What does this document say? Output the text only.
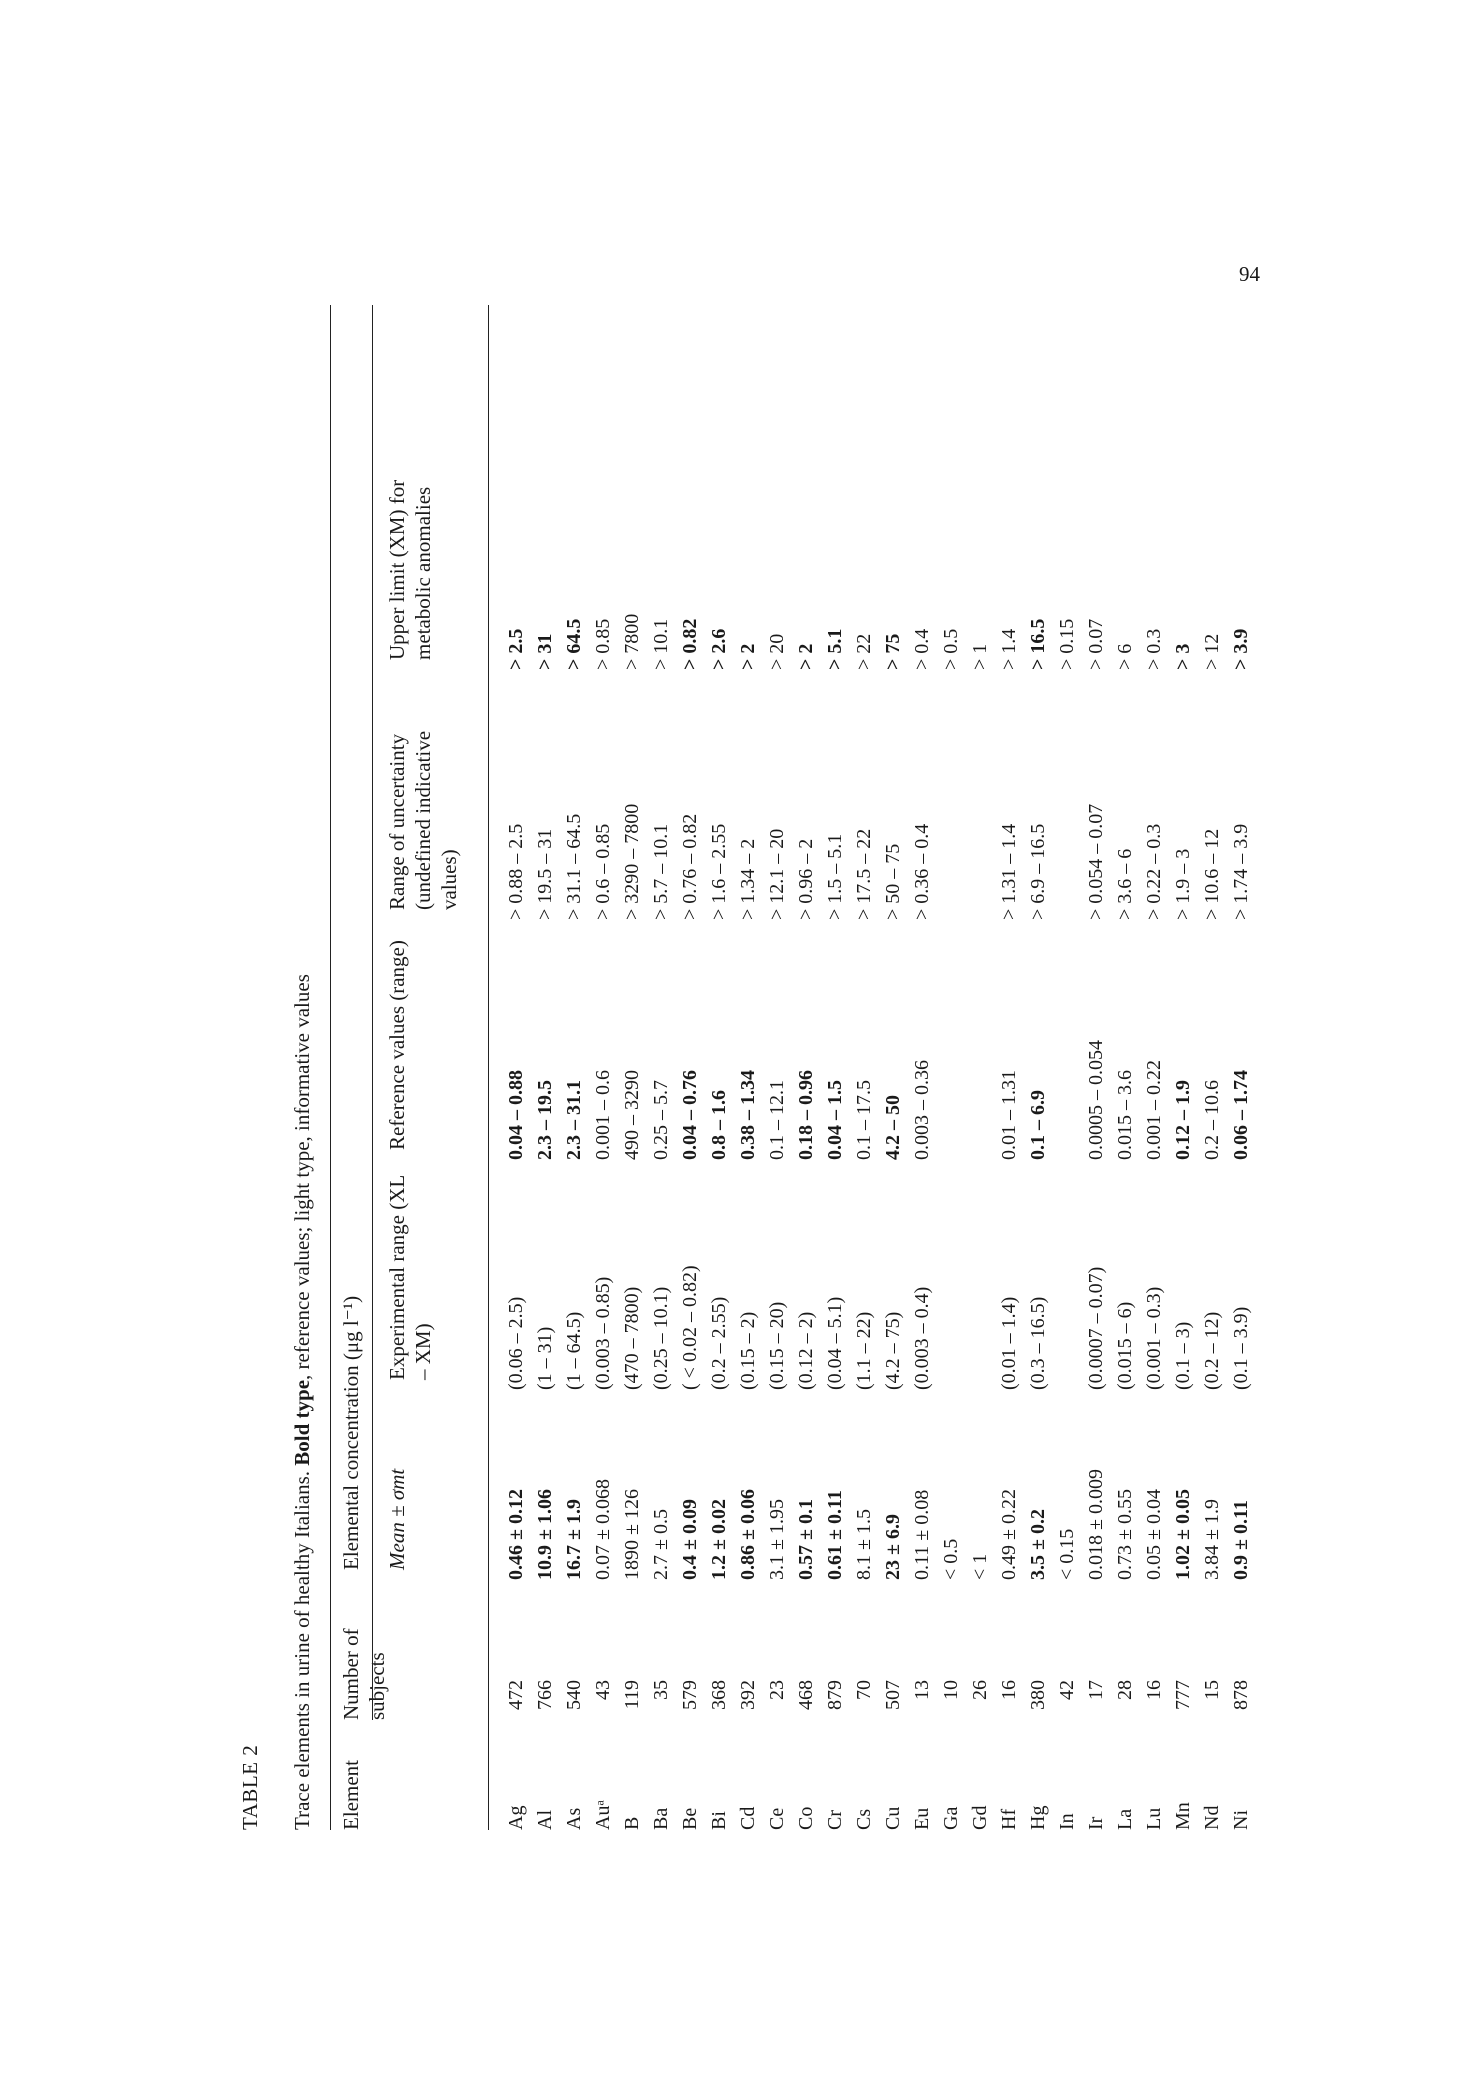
94
TABLE 2 Trace elements in urine of healthy Italians. Bold type, reference values; light type, informative values
Element
Number of subjects
Elemental concentration (μg l⁻¹) Mean ± σmt
Experimental range (XL – XM)
Reference values (range)
Range of uncertainty (undefined indicative values)
Upper limit (XM) for metabolic anomalies
Ag	472		0.46 ± 0.12	(0.06 – 2.5)	0.04 – 0.88	> 0.88 – 2.5	> 2.5
Al	766		10.9 ± 1.06	(1 – 31)	2.3 – 19.5	> 19.5 – 31	> 31
As	540		16.7 ± 1.9	(1 – 64.5)	2.3 – 31.1	> 31.1 – 64.5	> 64.5
Auᵃ	43		0.07 ± 0.068	(0.003 – 0.85)	0.001 – 0.6	> 0.6 – 0.85	> 0.85
B	119		1890 ± 126	(470 – 7800)	490 – 3290	> 3290 – 7800	> 7800
Ba	35		2.7 ± 0.5	(0.25 – 10.1)	0.25 – 5.7	> 5.7 – 10.1	> 10.1
Be	579		0.4 ± 0.09	( < 0.02 – 0.82)	0.04 – 0.76	> 0.76 – 0.82	> 0.82
Bi	368		1.2 ± 0.02	(0.2 – 2.55)	0.8 – 1.6	> 1.6 – 2.55	> 2.6
Cd	392		0.86 ± 0.06	(0.15 – 2)	0.38 – 1.34	> 1.34 – 2	> 2
Ce	23		3.1 ± 1.95	(0.15 – 20)	0.1 – 12.1	> 12.1 – 20	> 20
Co	468		0.57 ± 0.1	(0.12 – 2)	0.18 – 0.96	> 0.96 – 2	> 2
Cr	879		0.61 ± 0.11	(0.04 – 5.1)	0.04 – 1.5	> 1.5 – 5.1	> 5.1
Cs	70		8.1 ± 1.5	(1.1 – 22)	0.1 – 17.5	> 17.5 – 22	> 22
Cu	507		23 ± 6.9	(4.2 – 75)	4.2 – 50	> 50 – 75	> 75
Eu	13		0.11 ± 0.08	(0.003 – 0.4)	0.003 – 0.36	> 0.36 – 0.4	> 0.4
Ga	10		< 0.5				> 0.5
Gd	26		< 1				> 1
Hf	16		0.49 ± 0.22	(0.01 – 1.4)	0.01 – 1.31	> 1.31 – 1.4	> 1.4
Hg	380		3.5 ± 0.2	(0.3 – 16.5)	0.1 – 6.9	> 6.9 – 16.5	> 16.5
In	42		< 0.15				> 0.15
Ir	17		0.018 ± 0.009	(0.0007 – 0.07)	0.0005 – 0.054	> 0.054 – 0.07	> 0.07
La	28		0.73 ± 0.55	(0.015 – 6)	0.015 – 3.6	> 3.6 – 6	> 6
Lu	16		0.05 ± 0.04	(0.001 – 0.3)	0.001 – 0.22	> 0.22 – 0.3	> 0.3
Mn	777		1.02 ± 0.05	(0.1 – 3)	0.12 – 1.9	> 1.9 – 3	> 3
Nd	15		3.84 ± 1.9	(0.2 – 12)	0.2 – 10.6	> 10.6 – 12	> 12
Ni	878		0.9 ± 0.11	(0.1 – 3.9)	0.06 – 1.74	> 1.74 – 3.9	> 3.9
